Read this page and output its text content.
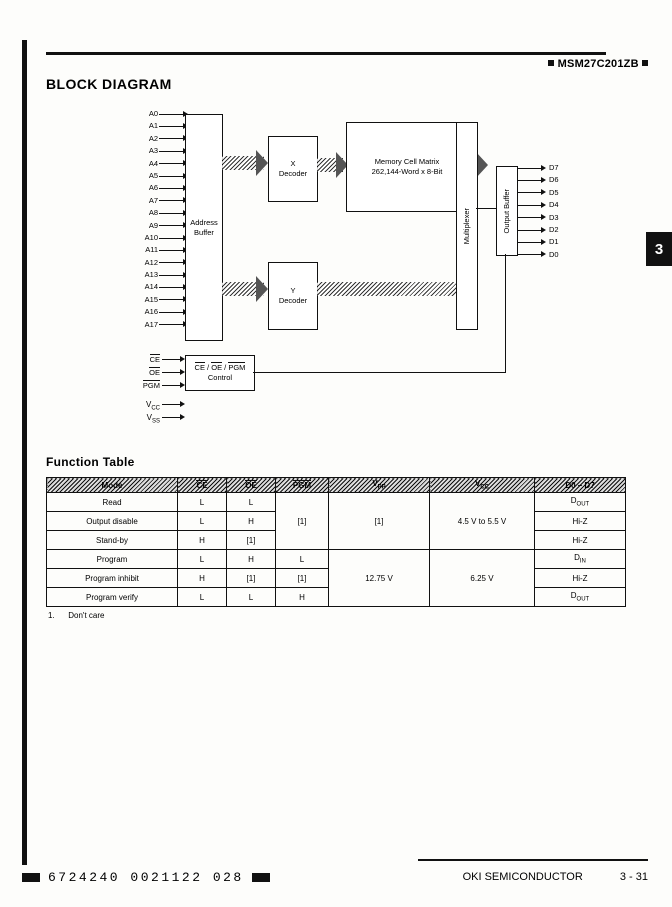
MSM27C201ZB
BLOCK DIAGRAM
3
A0
A1
A2
A3
A4
A5
A6
A7
A8
A9
A10
A11
A12
A13
A14
A15
A16
A17
Address
Buffer
X
Decoder
Y
Decoder
Memory Cell Matrix
262,144-Word x 8-Bit
Multiplexer	Output Buffer
D7
D6
D5
D4
D3
D2
D1
D0
CE
OE
PGM
CE / OE / PGM
Control
$V_{CC}$
$V_{SS}$
Function Table
Mode	CE	OE	PGM	$V_{PP}$	$V_{CC}$	D0 – D7
Read	L	L	[1]	[1]	4.5 V to 5.5 V	$D_{OUT}$
Output disable	L	H				Hi-Z
Stand-by	H	[1]				Hi-Z
Program	L	H	L	12.75 V	6.25 V	$D_{IN}$
Program inhibit	H	[1]	[1]			Hi-Z
Program verify	L	L	H			$D_{OUT}$
1. Don't care
OKI SEMICONDUCTOR	3 - 31
6724240 0021122 028
